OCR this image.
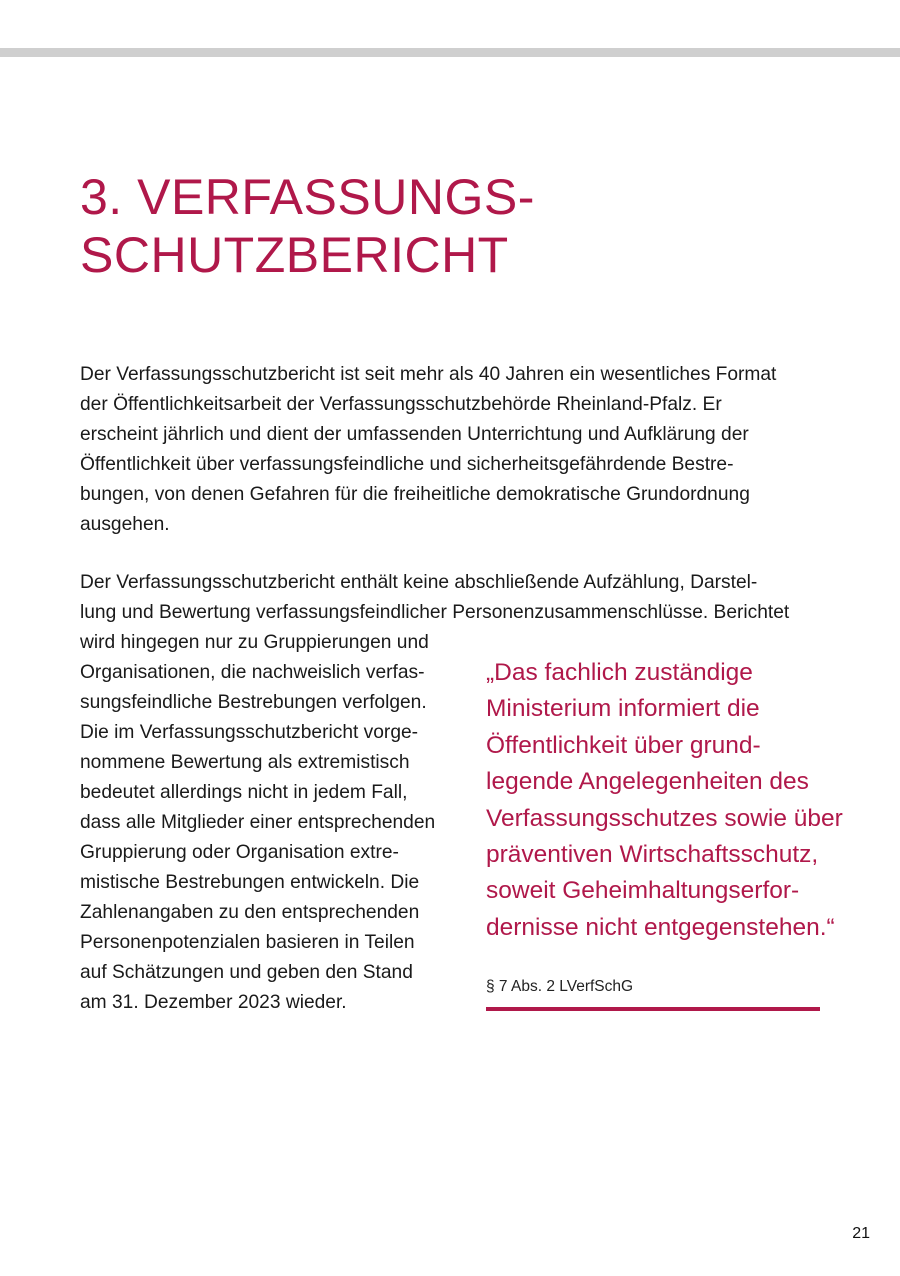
3. VERFASSUNGS-
SCHUTZBERICHT

Der Verfassungsschutzbericht ist seit mehr als 40 Jahren ein wesentliches Format
der Öffentlichkeitsarbeit der Verfassungsschutzbehörde Rheinland-Pfalz. Er
erscheint jährlich und dient der umfassenden Unterrichtung und Aufklärung der
Öffentlichkeit über verfassungsfeindliche und sicherheitsgefährdende Bestre-
bungen, von denen Gefahren für die freiheitliche demokratische Grundordnung
ausgehen.

Der Verfassungsschutzbericht enthält keine abschließende Aufzählung, Darstel-
lung und Bewertung verfassungsfeindlicher Personenzusammenschlüsse. Berichtet

wird hingegen nur zu Gruppierungen und
Organisationen, die nachweislich verfas-
sungsfeindliche Bestrebungen verfolgen.
Die im Verfassungsschutzbericht vorge-
nommene Bewertung als extremistisch
bedeutet allerdings nicht in jedem Fall,
dass alle Mitglieder einer entsprechenden
Gruppierung oder Organisation extre-
mistische Bestrebungen entwickeln. Die
Zahlenangaben zu den entsprechenden
Personenpotenzialen basieren in Teilen
auf Schätzungen und geben den Stand
am 31. Dezember 2023 wieder.

„Das fachlich zuständige
Ministerium informiert die
Öffentlichkeit über grund-
legende Angelegenheiten des
Verfassungsschutzes sowie über
präventiven Wirtschaftsschutz,
soweit Geheimhaltungserfor-
dernisse nicht entgegenstehen.“
§ 7 Abs. 2 LVerfSchG
21
